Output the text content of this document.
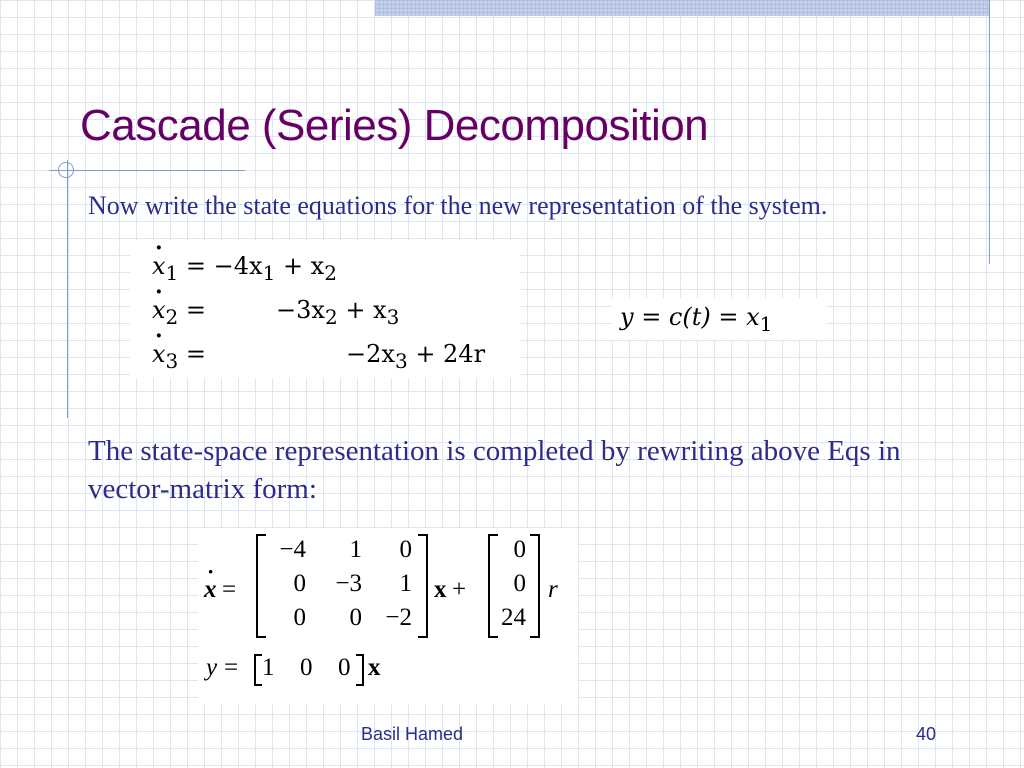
Cascade (Series) Decomposition
Now write the state equations for the new representation of the system.
· $x_1 = -4x_1 + x_2$
· $x_2$ =	$-3x_2 + x_3$
· $x_3$ =	$-2x_3 + 24r$
$y = c(t) = x_1$
The state-space representation is completed by rewriting above Eqs in vector-matrix form:
· x =
−4	1	0
0	−3	1
0	0 −2
x +
0
0
24
r
y = 1 0 0 x
Basil Hamed	40
